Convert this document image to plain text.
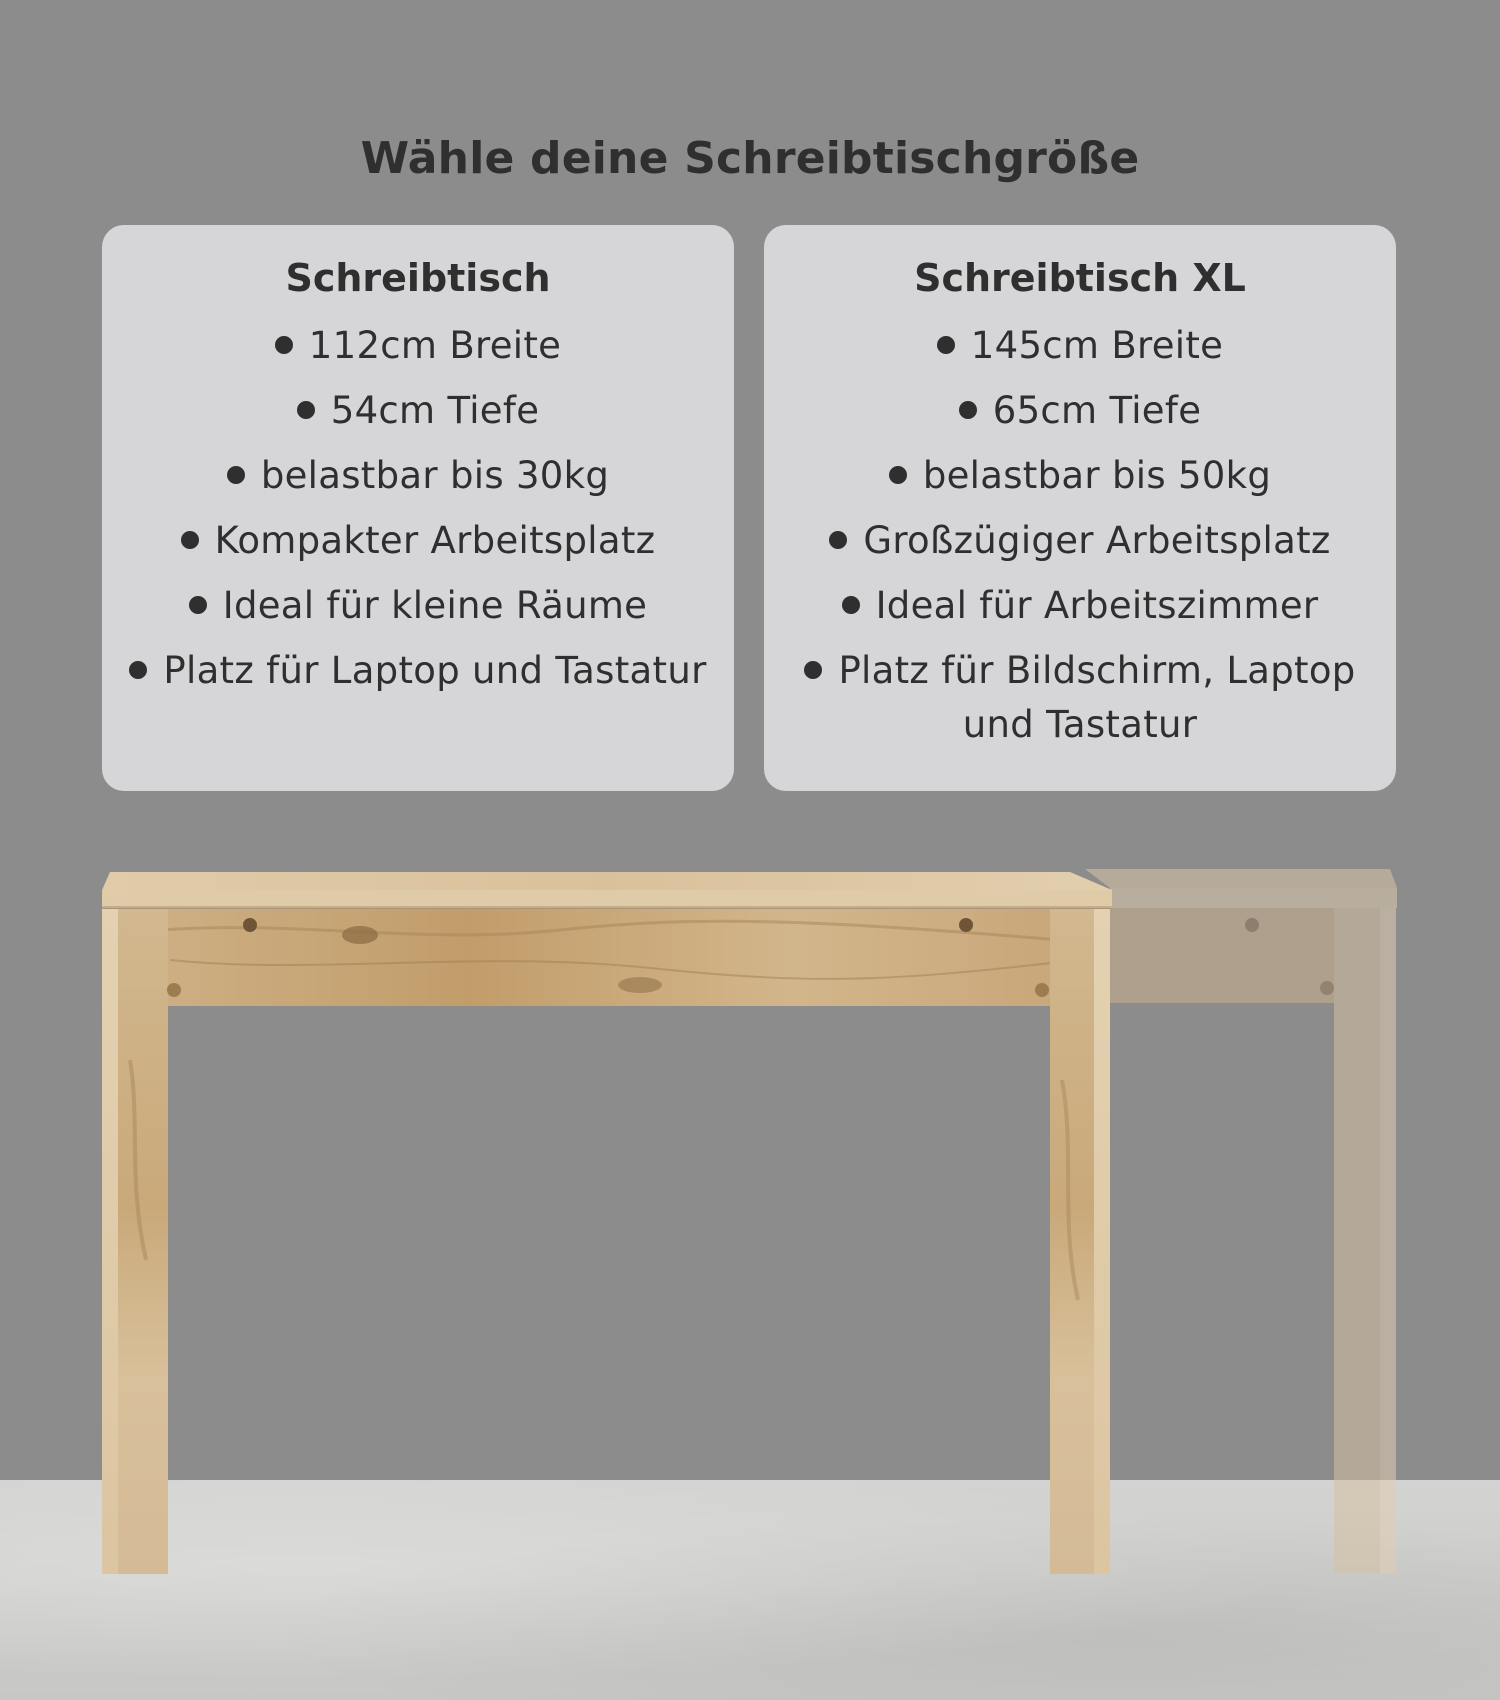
Wähle deine Schreibtischgröße
Schreibtisch
112cm Breite
54cm Tiefe
belastbar bis 30kg
Kompakter Arbeitsplatz
Ideal für kleine Räume
Platz für Laptop und Tastatur
Schreibtisch XL
145cm Breite
65cm Tiefe
belastbar bis 50kg
Großzügiger Arbeitsplatz
Ideal für Arbeitszimmer
Platz für Bildschirm, Laptop und Tastatur
